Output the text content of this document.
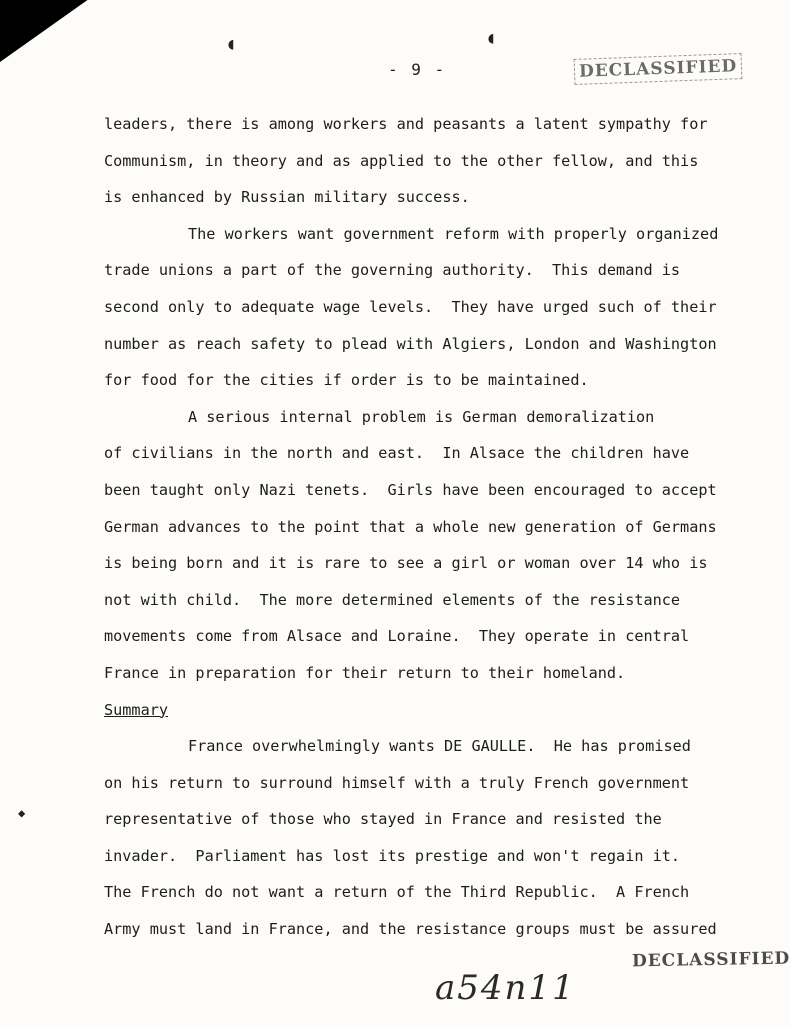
◖	◖
◆
- 9 -	DECLASSIFIED

leaders, there is among workers and peasants a latent sympathy for

Communism, in theory and as applied to the other fellow, and this

is enhanced by Russian military success.

The workers want government reform with properly organized

trade unions a part of the governing authority.  This demand is

second only to adequate wage levels.  They have urged such of their

number as reach safety to plead with Algiers, London and Washington

for food for the cities if order is to be maintained.

A serious internal problem is German demoralization

of civilians in the north and east.  In Alsace the children have

been taught only Nazi tenets.  Girls have been encouraged to accept

German advances to the point that a whole new generation of Germans

is being born and it is rare to see a girl or woman over 14 who is

not with child.  The more determined elements of the resistance

movements come from Alsace and Loraine.  They operate in central

France in preparation for their return to their homeland.

Summary

France overwhelmingly wants DE GAULLE.  He has promised

on his return to surround himself with a truly French government

representative of those who stayed in France and resisted the

invader.  Parliament has lost its prestige and won't regain it.

The French do not want a return of the Third Republic.  A French

Army must land in France, and the resistance groups must be assured

DECLASSIFIED
a54n11
